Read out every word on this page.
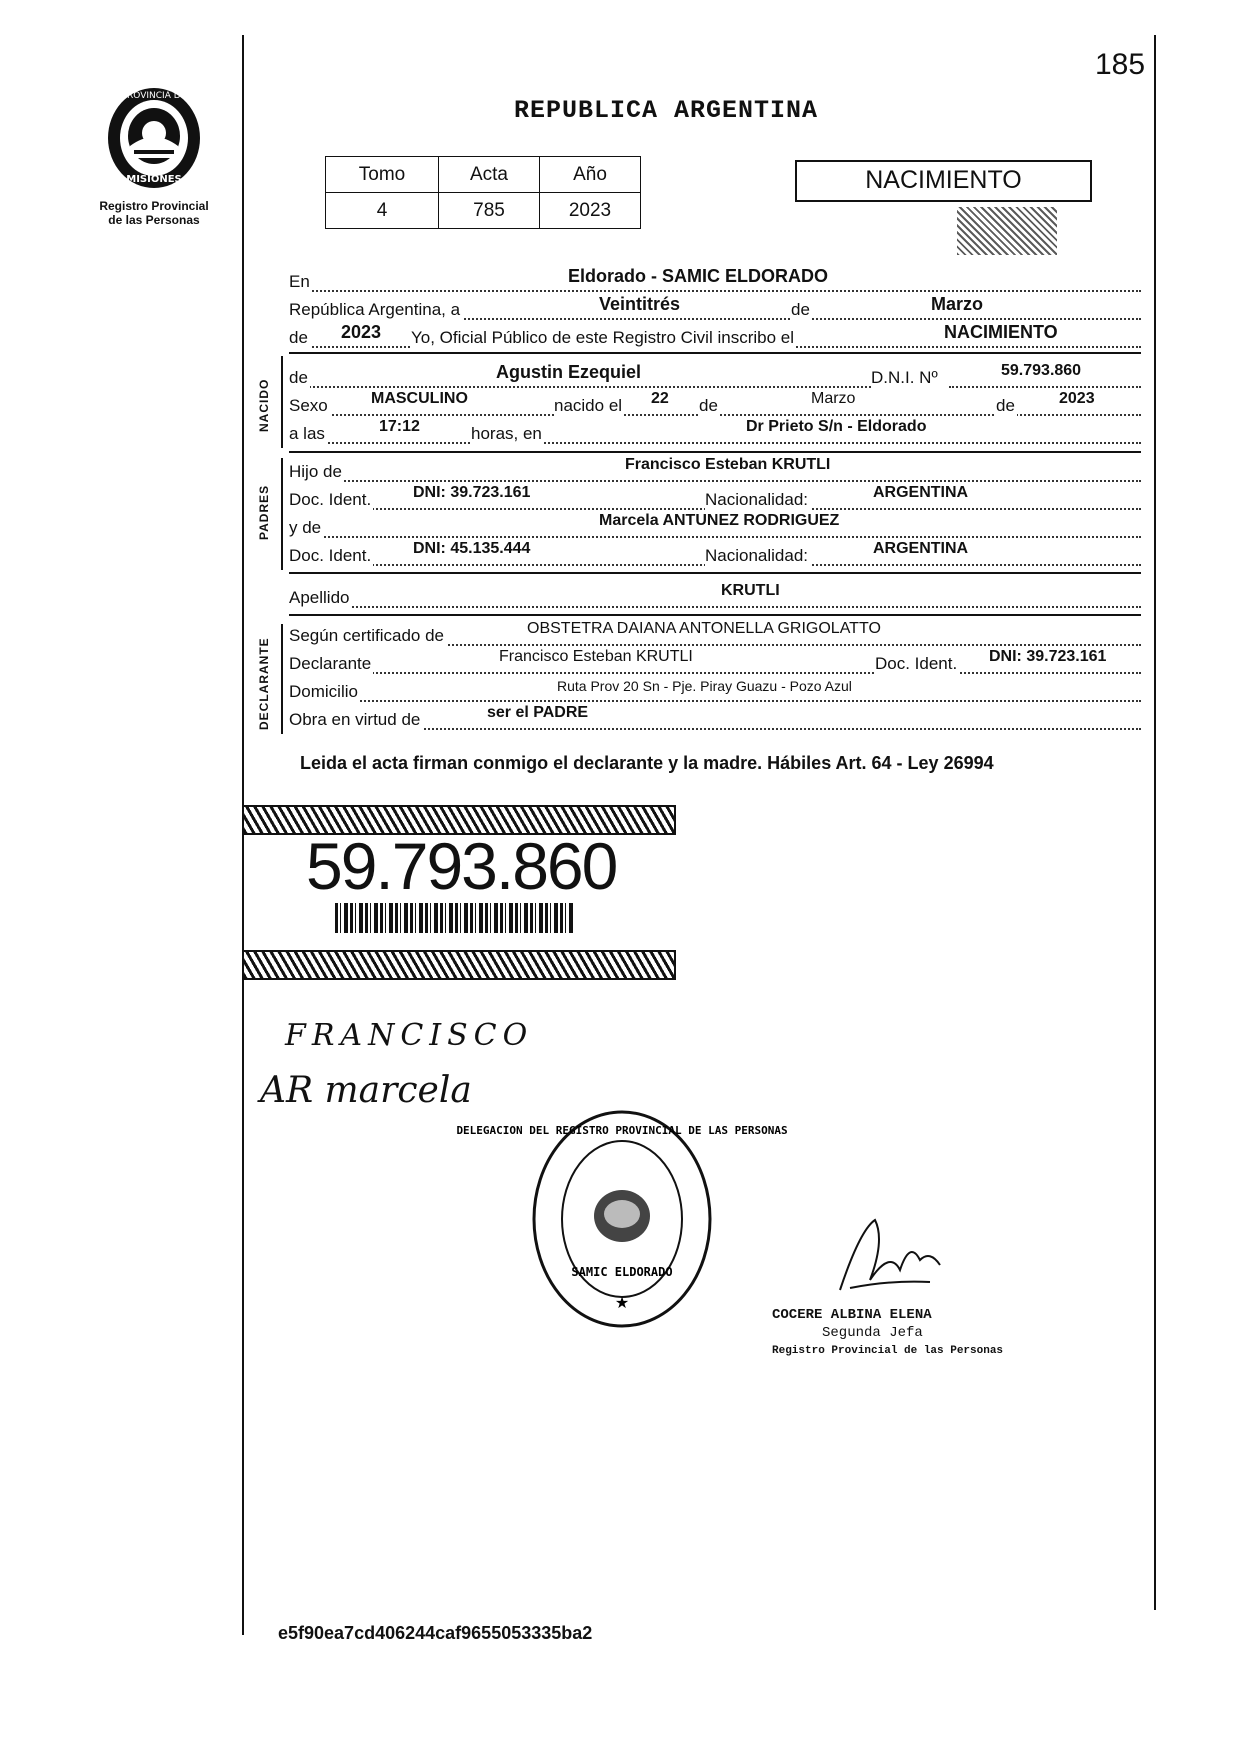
185
PROVINCIA DE
MISIONES
Registro Provincial
de las Personas
REPUBLICA ARGENTINA
Tomo	Acta	Año
4	785	2023
NACIMIENTO
En	Eldorado - SAMIC ELDORADO
República Argentina, a	Veintitrés	de	Marzo
de 2023 Yo, Oficial Público de este Registro Civil inscribo el	NACIMIENTO
NACIDO
de	Agustin Ezequiel	D.N.I. Nº	59.793.860
Sexo	MASCULINO	nacido el 22 de	Marzo	de	2023
a las	17:12	horas, en	Dr Prieto S/n - Eldorado
PADRES
Hijo de	Francisco Esteban KRUTLI
Doc. Ident.	DNI: 39.723.161	Nacionalidad:	ARGENTINA
y de	Marcela ANTUNEZ RODRIGUEZ
Doc. Ident.	DNI: 45.135.444	Nacionalidad:	ARGENTINA
Apellido	KRUTLI
DECLARANTE
Según certificado de	OBSTETRA DAIANA ANTONELLA GRIGOLATTO
Declarante	Francisco Esteban KRUTLI	Doc. Ident. DNI: 39.723.161
Domicilio	Ruta Prov 20 Sn - Pje. Piray Guazu - Pozo Azul
Obra en virtud de	ser el PADRE
Leida el acta firman conmigo el declarante y la madre. Hábiles Art. 64 - Ley 26994
59.793.860
FRANCISCO
AR marcela
DELEGACION DEL REGISTRO PROVINCIAL DE LAS PERSONAS
SAMIC ELDORADO
★
COCERE ALBINA ELENA
Segunda Jefa
Registro Provincial de las Personas
e5f90ea7cd406244caf9655053335ba2
